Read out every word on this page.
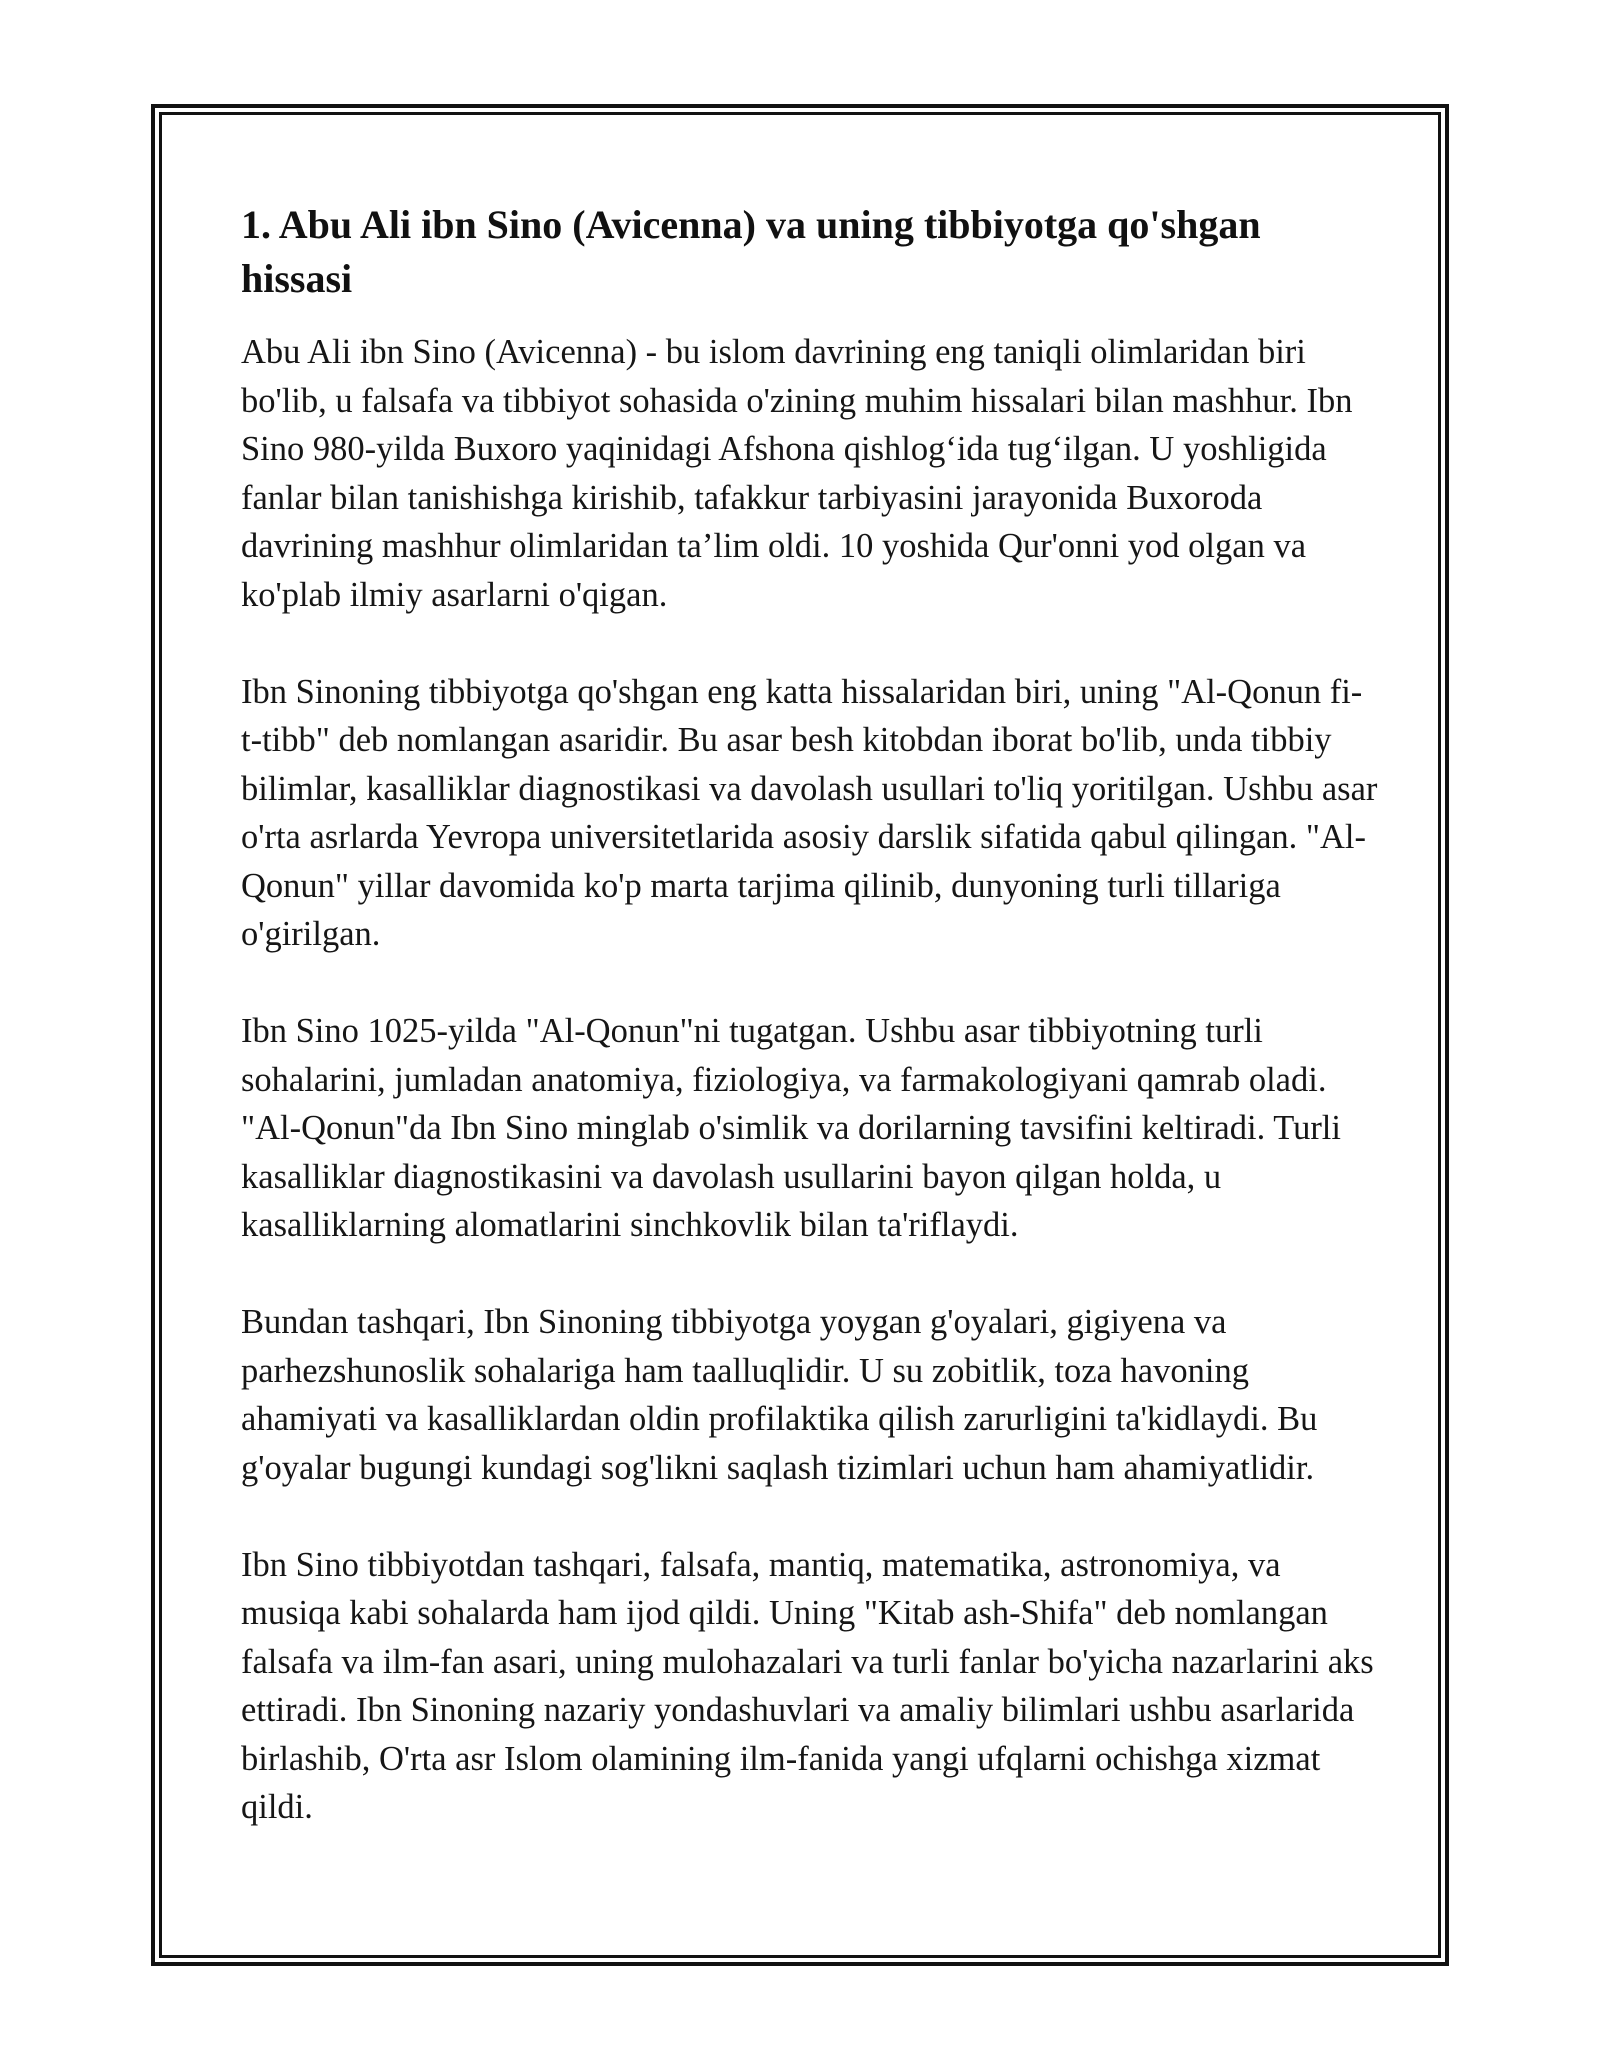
1. Abu Ali ibn Sino (Avicenna) va uning tibbiyotga qo'shgan hissasi

Abu Ali ibn Sino (Avicenna) - bu islom davrining eng taniqli olimlaridan biri bo'lib, u falsafa va tibbiyot sohasida o'zining muhim hissalari bilan mashhur. Ibn Sino 980-yilda Buxoro yaqinidagi Afshona qishlog‘ida tug‘ilgan. U yoshligida fanlar bilan tanishishga kirishib, tafakkur tarbiyasini jarayonida Buxoroda davrining mashhur olimlaridan ta’lim oldi. 10 yoshida Qur'onni yod olgan va ko'plab ilmiy asarlarni o'qigan.

Ibn Sinoning tibbiyotga qo'shgan eng katta hissalaridan biri, uning "Al-Qonun fi-t-tibb" deb nomlangan asaridir. Bu asar besh kitobdan iborat bo'lib, unda tibbiy bilimlar, kasalliklar diagnostikasi va davolash usullari to'liq yoritilgan. Ushbu asar o'rta asrlarda Yevropa universitetlarida asosiy darslik sifatida qabul qilingan. "Al-Qonun" yillar davomida ko'p marta tarjima qilinib, dunyoning turli tillariga o'girilgan.

Ibn Sino 1025-yilda "Al-Qonun"ni tugatgan. Ushbu asar tibbiyotning turli sohalarini, jumladan anatomiya, fiziologiya, va farmakologiyani qamrab oladi. "Al-Qonun"da Ibn Sino minglab o'simlik va dorilarning tavsifini keltiradi. Turli kasalliklar diagnostikasini va davolash usullarini bayon qilgan holda, u kasalliklarning alomatlarini sinchkovlik bilan ta'riflaydi.

Bundan tashqari, Ibn Sinoning tibbiyotga yoygan g'oyalari, gigiyena va parhezshunoslik sohalariga ham taalluqlidir. U su zobitlik, toza havoning ahamiyati va kasalliklardan oldin profilaktika qilish zarurligini ta'kidlaydi. Bu g'oyalar bugungi kundagi sog'likni saqlash tizimlari uchun ham ahamiyatlidir.

Ibn Sino tibbiyotdan tashqari, falsafa, mantiq, matematika, astronomiya, va musiqa kabi sohalarda ham ijod qildi. Uning "Kitab ash-Shifa" deb nomlangan falsafa va ilm-fan asari, uning mulohazalari va turli fanlar bo'yicha nazarlarini aks ettiradi. Ibn Sinoning nazariy yondashuvlari va amaliy bilimlari ushbu asarlarida birlashib, O'rta asr Islom olamining ilm-fanida yangi ufqlarni ochishga xizmat qildi.
